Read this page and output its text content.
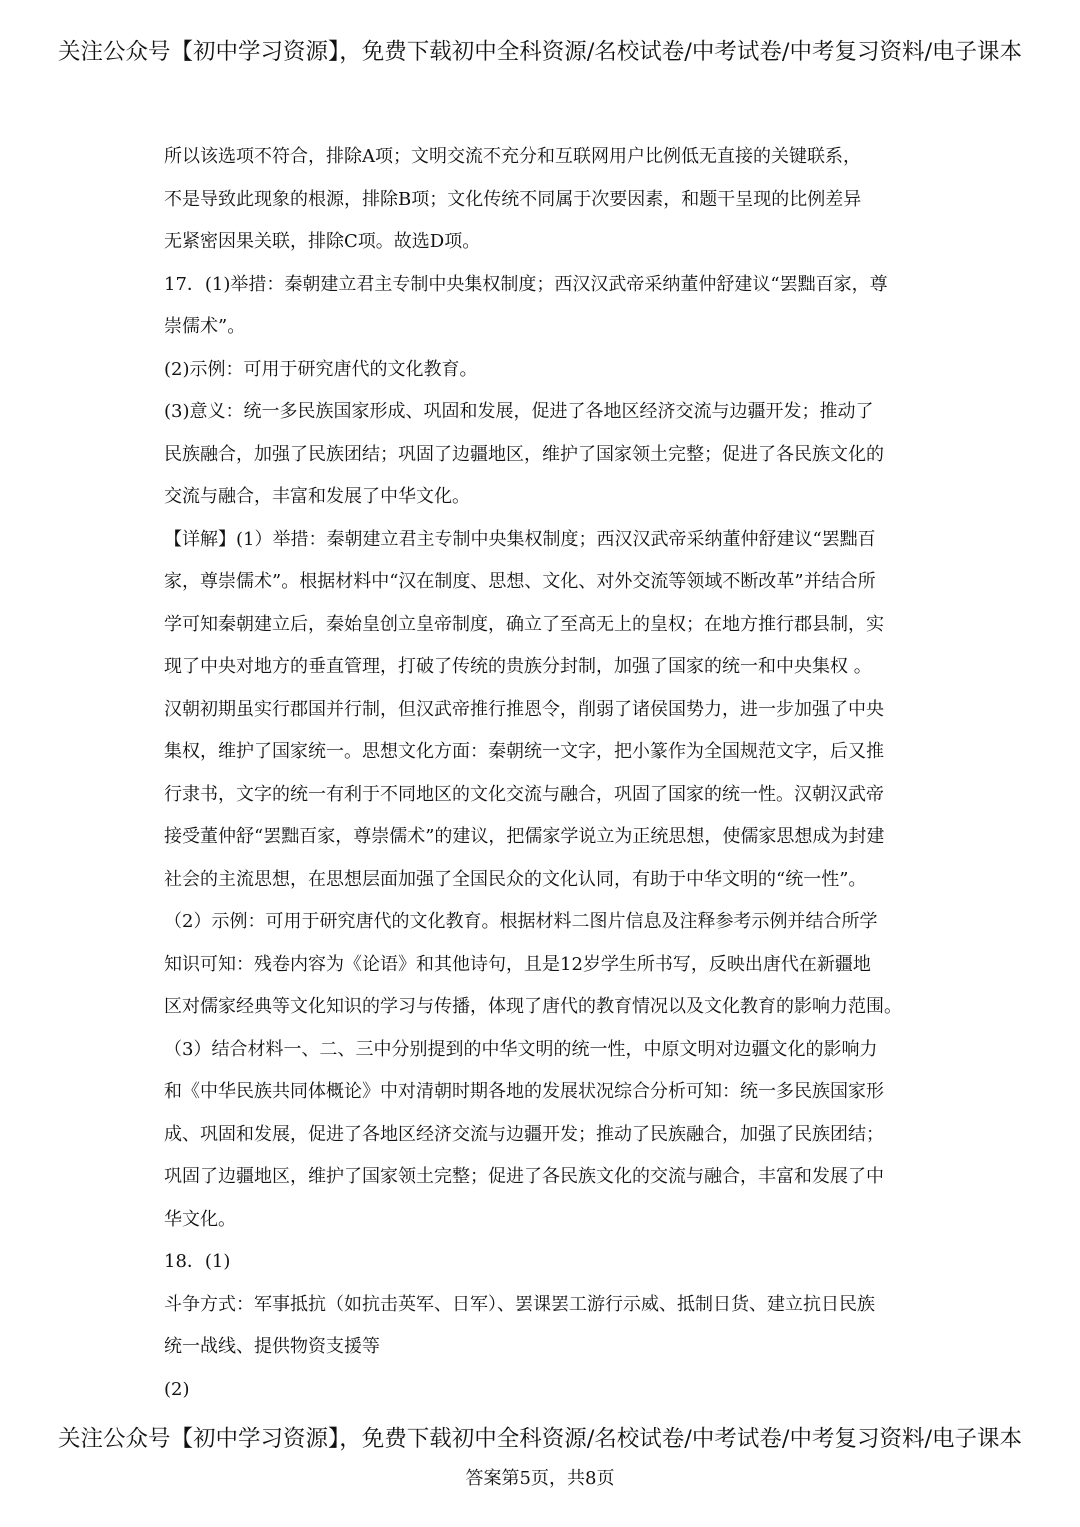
关注公众号【初中学习资源】，免费下载初中全科资源/名校试卷/中考试卷/中考复习资料/电子课本
所以该选项不符合，排除A项；文明交流不充分和互联网用户比例低无直接的关键联系，
不是导致此现象的根源，排除B项；文化传统不同属于次要因素，和题干呈现的比例差异
无紧密因果关联，排除C项。故选D项。
17．(1)举措：秦朝建立君主专制中央集权制度；西汉汉武帝采纳董仲舒建议“罢黜百家，尊
崇儒术”。
(2)示例：可用于研究唐代的文化教育。
(3)意义：统一多民族国家形成、巩固和发展，促进了各地区经济交流与边疆开发；推动了
民族融合，加强了民族团结；巩固了边疆地区，维护了国家领土完整；促进了各民族文化的
交流与融合，丰富和发展了中华文化。
【详解】(1）举措：秦朝建立君主专制中央集权制度；西汉汉武帝采纳董仲舒建议“罢黜百
家，尊崇儒术”。根据材料中“汉在制度、思想、文化、对外交流等领域不断改革”并结合所
学可知秦朝建立后，秦始皇创立皇帝制度，确立了至高无上的皇权；在地方推行郡县制，实
现了中央对地方的垂直管理，打破了传统的贵族分封制，加强了国家的统一和中央集权 。
汉朝初期虽实行郡国并行制，但汉武帝推行推恩令，削弱了诸侯国势力，进一步加强了中央
集权，维护了国家统一。思想文化方面：秦朝统一文字，把小篆作为全国规范文字，后又推
行隶书，文字的统一有利于不同地区的文化交流与融合，巩固了国家的统一性。汉朝汉武帝
接受董仲舒“罢黜百家，尊崇儒术”的建议，把儒家学说立为正统思想，使儒家思想成为封建
社会的主流思想，在思想层面加强了全国民众的文化认同，有助于中华文明的“统一性”。
（2）示例：可用于研究唐代的文化教育。根据材料二图片信息及注释参考示例并结合所学
知识可知：残卷内容为《论语》和其他诗句，且是12岁学生所书写，反映出唐代在新疆地
区对儒家经典等文化知识的学习与传播，体现了唐代的教育情况以及文化教育的影响力范围。
（3）结合材料一、二、三中分别提到的中华文明的统一性，中原文明对边疆文化的影响力
和《中华民族共同体概论》中对清朝时期各地的发展状况综合分析可知：统一多民族国家形
成、巩固和发展，促进了各地区经济交流与边疆开发；推动了民族融合，加强了民族团结；
巩固了边疆地区，维护了国家领土完整；促进了各民族文化的交流与融合，丰富和发展了中
华文化。
18．(1)
斗争方式：军事抵抗（如抗击英军、日军）、罢课罢工游行示威、抵制日货、建立抗日民族
统一战线、提供物资支援等
(2)
关注公众号【初中学习资源】，免费下载初中全科资源/名校试卷/中考试卷/中考复习资料/电子课本
答案第5页，共8页
